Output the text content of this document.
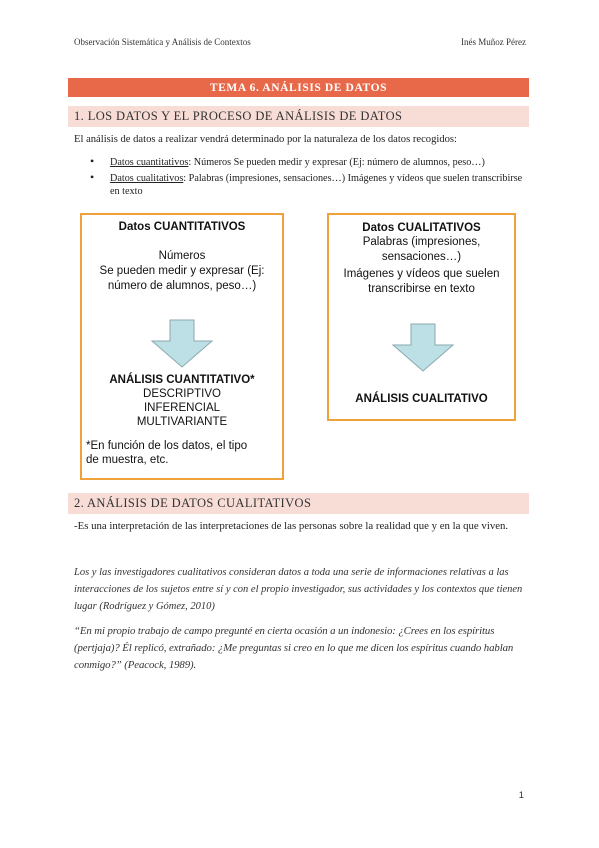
Observación Sistemática y Análisis de Contextos	Inés Muñoz Pérez
TEMA 6. ANÁLISIS DE DATOS
1. LOS DATOS Y EL PROCESO DE ANÁLISIS DE DATOS
El análisis de datos a realizar vendrá determinado por la naturaleza de los datos recogidos:
• Datos cuantitativos: Números Se pueden medir y expresar (Ej: número de alumnos, peso…)
• Datos cualitativos: Palabras (impresiones, sensaciones…) Imágenes y vídeos que suelen transcribirse en texto
Datos CUANTITATIVOS
Números
Se pueden medir y expresar (Ej:
número de alumnos, peso…)
ANÁLISIS CUANTITATIVO*
DESCRIPTIVO
INFERENCIAL
MULTIVARIANTE
*En función de los datos, el tipo
de muestra, etc.
Datos CUALITATIVOS
Palabras (impresiones,
sensaciones…)
Imágenes y vídeos que suelen
transcribirse en texto
ANÁLISIS CUALITATIVO
2. ANÁLISIS DE DATOS CUALITATIVOS
-Es una interpretación de las interpretaciones de las personas sobre la realidad que y en la que viven.
Los y las investigadores cualitativos consideran datos a toda una serie de informaciones relativas a las interacciones de los sujetos entre sí y con el propio investigador, sus actividades y los contextos que tienen lugar (Rodríguez y Gómez, 2010)
“En mi propio trabajo de campo pregunté en cierta ocasión a un indonesio: ¿Crees en los espíritus (pertjaja)? Él replicó, extrañado: ¿Me preguntas si creo en lo que me dicen los espíritus cuando hablan conmigo?” (Peacock, 1989).
1
